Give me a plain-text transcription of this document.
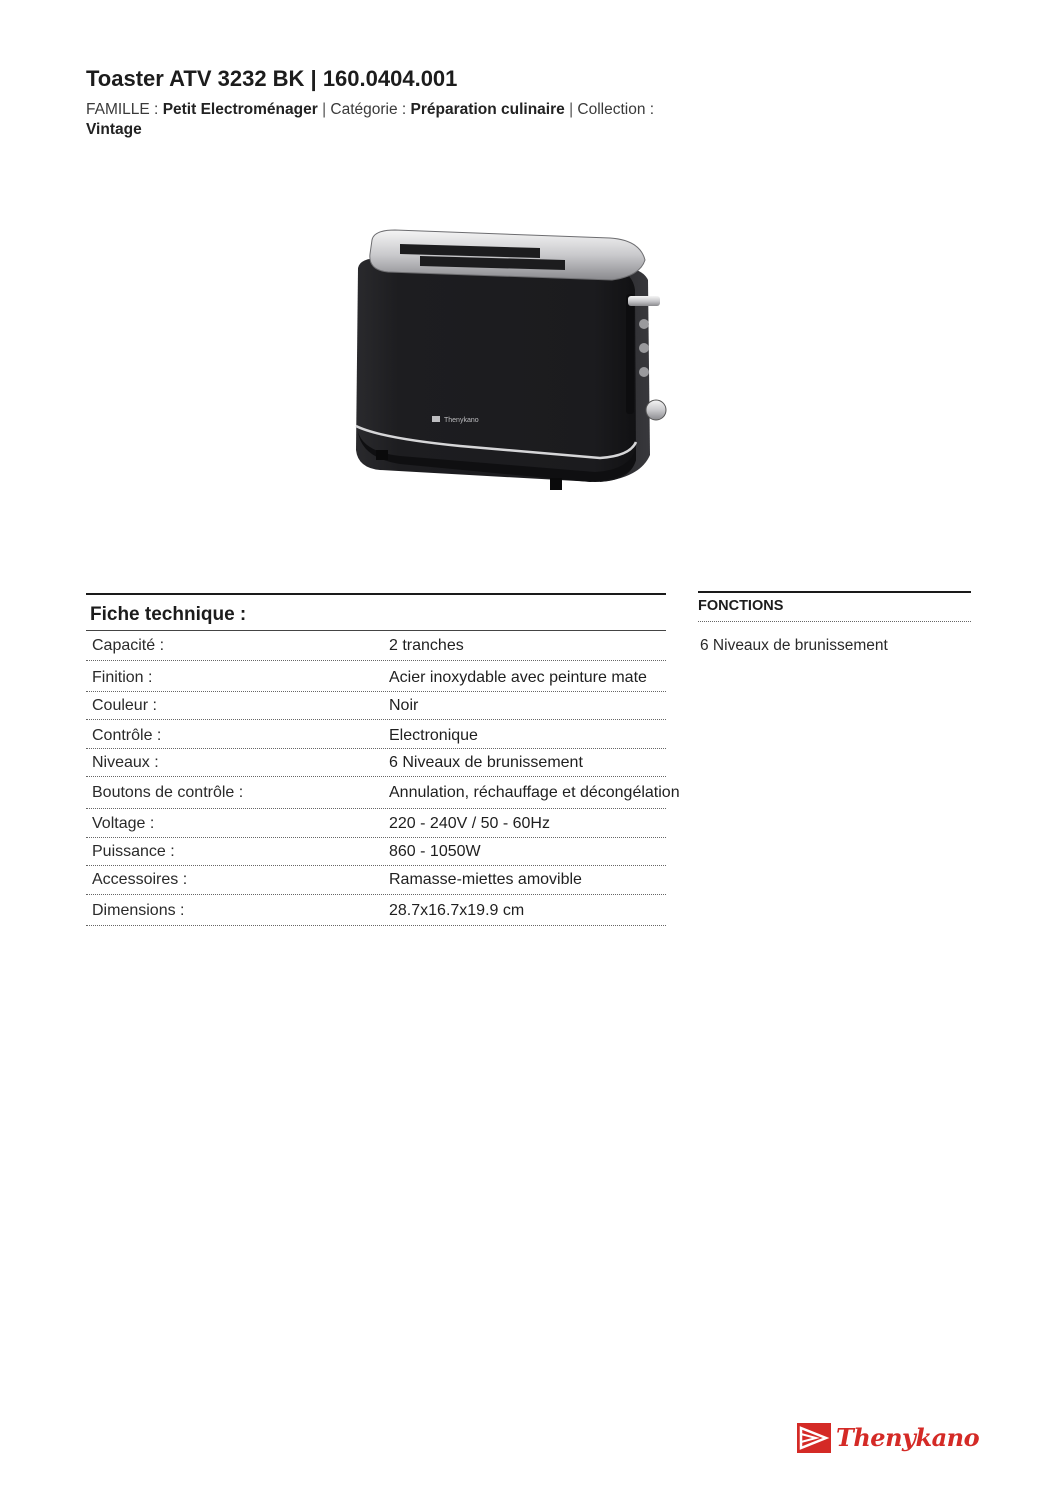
Toaster ATV 3232 BK | 160.0404.001
FAMILLE : Petit Electroménager | Catégorie : Préparation culinaire | Collection :
Vintage
Thenykano
Fiche technique :
Capacité :	2 tranches
Finition :	Acier inoxydable avec peinture mate
Couleur :	Noir
Contrôle :	Electronique
Niveaux :	6 Niveaux de brunissement
Boutons de contrôle :	Annulation, réchauffage et décongélation
Voltage :	220 - 240V / 50 - 60Hz
Puissance :	860 - 1050W
Accessoires :	Ramasse-miettes amovible
Dimensions :	28.7x16.7x19.9 cm
FONCTIONS
6 Niveaux de brunissement
Thenykano
